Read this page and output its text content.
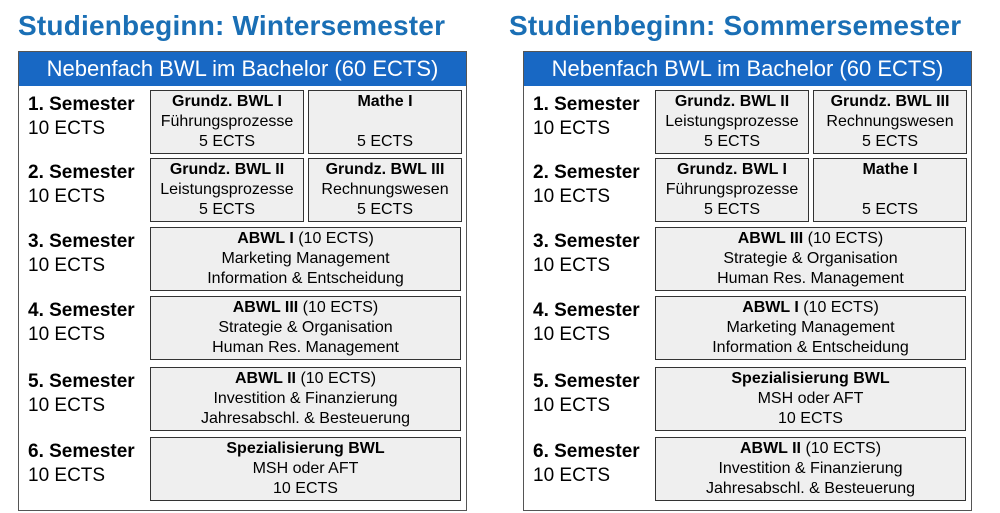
Studienbeginn: Wintersemester
Nebenfach BWL im Bachelor (60 ECTS)
1. Semester
10 ECTS
Grundz. BWL I
Führungsprozesse
5 ECTS
Mathe I
5 ECTS
2. Semester
10 ECTS
Grundz. BWL II
Leistungsprozesse
5 ECTS
Grundz. BWL III
Rechnungswesen
5 ECTS
3. Semester
10 ECTS
ABWL I (10 ECTS)
Marketing Management
Information & Entscheidung
4. Semester
10 ECTS
ABWL III (10 ECTS)
Strategie & Organisation
Human Res. Management
5. Semester
10 ECTS
ABWL II (10 ECTS)
Investition & Finanzierung
Jahresabschl. & Besteuerung
6. Semester
10 ECTS
Spezialisierung BWL
MSH oder AFT
10 ECTS
Studienbeginn: Sommersemester
Nebenfach BWL im Bachelor (60 ECTS)
1. Semester
10 ECTS
Grundz. BWL II
Leistungsprozesse
5 ECTS
Grundz. BWL III
Rechnungswesen
5 ECTS
2. Semester
10 ECTS
Grundz. BWL I
Führungsprozesse
5 ECTS
Mathe I
5 ECTS
3. Semester
10 ECTS
ABWL III (10 ECTS)
Strategie & Organisation
Human Res. Management
4. Semester
10 ECTS
ABWL I (10 ECTS)
Marketing Management
Information & Entscheidung
5. Semester
10 ECTS
Spezialisierung BWL
MSH oder AFT
10 ECTS
6. Semester
10 ECTS
ABWL II (10 ECTS)
Investition & Finanzierung
Jahresabschl. & Besteuerung
